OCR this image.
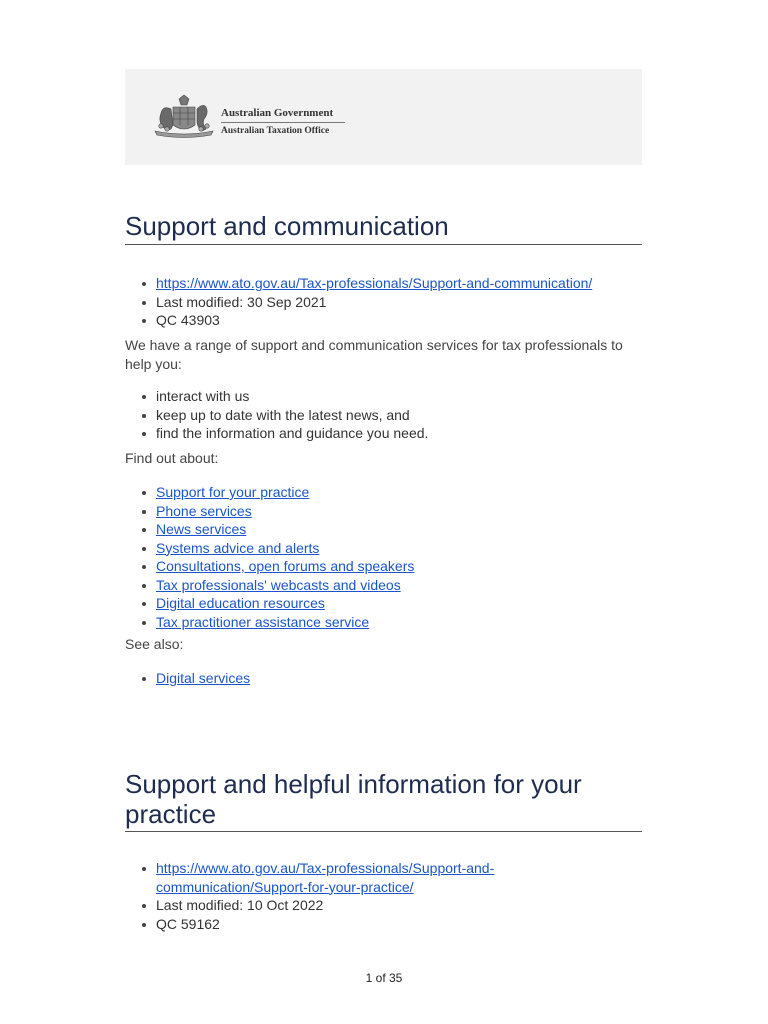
Australian Government
Australian Taxation Office
Support and communication
https://www.ato.gov.au/Tax-professionals/Support-and-communication/
Last modified: 30 Sep 2021
QC 43903

We have a range of support and communication services for tax professionals to help you:

interact with us
keep up to date with the latest news, and
find the information and guidance you need.

Find out about:

Support for your practice
Phone services
News services
Systems advice and alerts
Consultations, open forums and speakers
Tax professionals' webcasts and videos
Digital education resources
Tax practitioner assistance service

See also:

Digital services
Support and helpful information for your practice
https://www.ato.gov.au/Tax-professionals/Support-and-
communication/Support-for-your-practice/
Last modified: 10 Oct 2022
QC 59162
1 of 35
